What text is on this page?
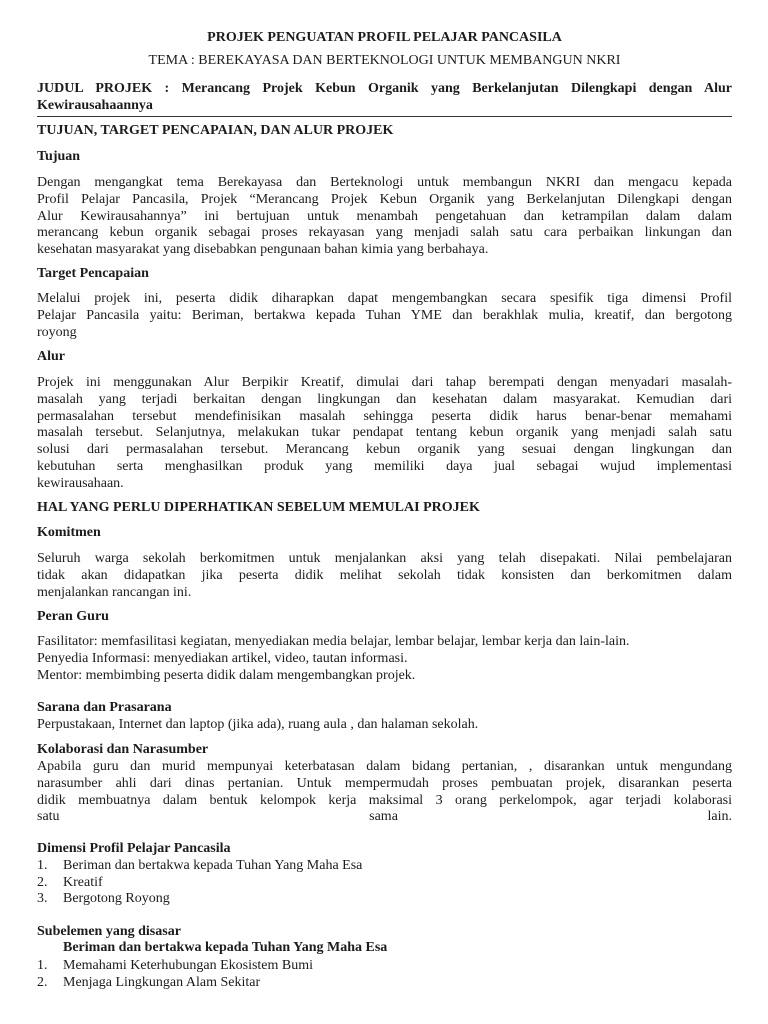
PROJEK PENGUATAN PROFIL PELAJAR PANCASILA
TEMA : BEREKAYASA DAN BERTEKNOLOGI UNTUK MEMBANGUN NKRI
JUDUL PROJEK : Merancang Projek Kebun Organik yang Berkelanjutan Dilengkapi dengan Alur
Kewirausahaannya
TUJUAN, TARGET PENCAPAIAN, DAN ALUR PROJEK
Tujuan
Dengan mengangkat tema Berekayasa dan Berteknologi untuk membangun NKRI dan mengacu kepada
Profil Pelajar Pancasila, Projek “Merancang Projek Kebun Organik yang Berkelanjutan Dilengkapi dengan
Alur Kewirausahannya” ini bertujuan untuk menambah pengetahuan dan ketrampilan dalam dalam
merancang kebun organik sebagai proses rekayasan yang menjadi salah satu cara perbaikan linkungan dan
kesehatan masyarakat yang disebabkan pengunaan bahan kimia yang berbahaya.
Target Pencapaian
Melalui projek ini, peserta didik diharapkan dapat mengembangkan secara spesifik tiga dimensi Profil
Pelajar Pancasila yaitu: Beriman, bertakwa kepada Tuhan YME dan berakhlak mulia, kreatif, dan bergotong
royong
Alur
Projek ini menggunakan Alur Berpikir Kreatif, dimulai dari tahap berempati dengan menyadari masalah-
masalah yang terjadi berkaitan dengan lingkungan dan kesehatan dalam masyarakat. Kemudian dari
permasalahan tersebut mendefinisikan masalah sehingga peserta didik harus benar-benar memahami
masalah tersebut. Selanjutnya, melakukan tukar pendapat tentang kebun organik yang menjadi salah satu
solusi dari permasalahan tersebut. Merancang kebun organik yang sesuai dengan lingkungan dan
kebutuhan serta menghasilkan produk yang memiliki daya jual sebagai wujud implementasi
kewirausahaan.
HAL YANG PERLU DIPERHATIKAN SEBELUM MEMULAI PROJEK
Komitmen
Seluruh warga sekolah berkomitmen untuk menjalankan aksi yang telah disepakati. Nilai pembelajaran
tidak akan didapatkan jika peserta didik melihat sekolah tidak konsisten dan berkomitmen dalam
menjalankan rancangan ini.
Peran Guru
Fasilitator: memfasilitasi kegiatan, menyediakan media belajar, lembar belajar, lembar kerja dan lain-lain.
Penyedia Informasi: menyediakan artikel, video, tautan informasi.
Mentor: membimbing peserta didik dalam mengembangkan projek.
Sarana dan Prasarana
Perpustakaan, Internet dan laptop (jika ada), ruang aula , dan halaman sekolah.
Kolaborasi dan Narasumber
Apabila guru dan murid mempunyai keterbatasan dalam bidang pertanian, , disarankan untuk mengundang
narasumber ahli dari dinas pertanian. Untuk mempermudah proses pembuatan projek, disarankan peserta
didik membuatnya dalam bentuk kelompok kerja maksimal 3 orang perkelompok, agar terjadi kolaborasi
satu sama lain.
Dimensi Profil Pelajar Pancasila
1.	Beriman dan bertakwa kepada Tuhan Yang Maha Esa
2.	Kreatif
3.	Bergotong Royong
Subelemen yang disasar
Beriman dan bertakwa kepada Tuhan Yang Maha Esa
1.	Memahami Keterhubungan Ekosistem Bumi
2.	Menjaga Lingkungan Alam Sekitar
